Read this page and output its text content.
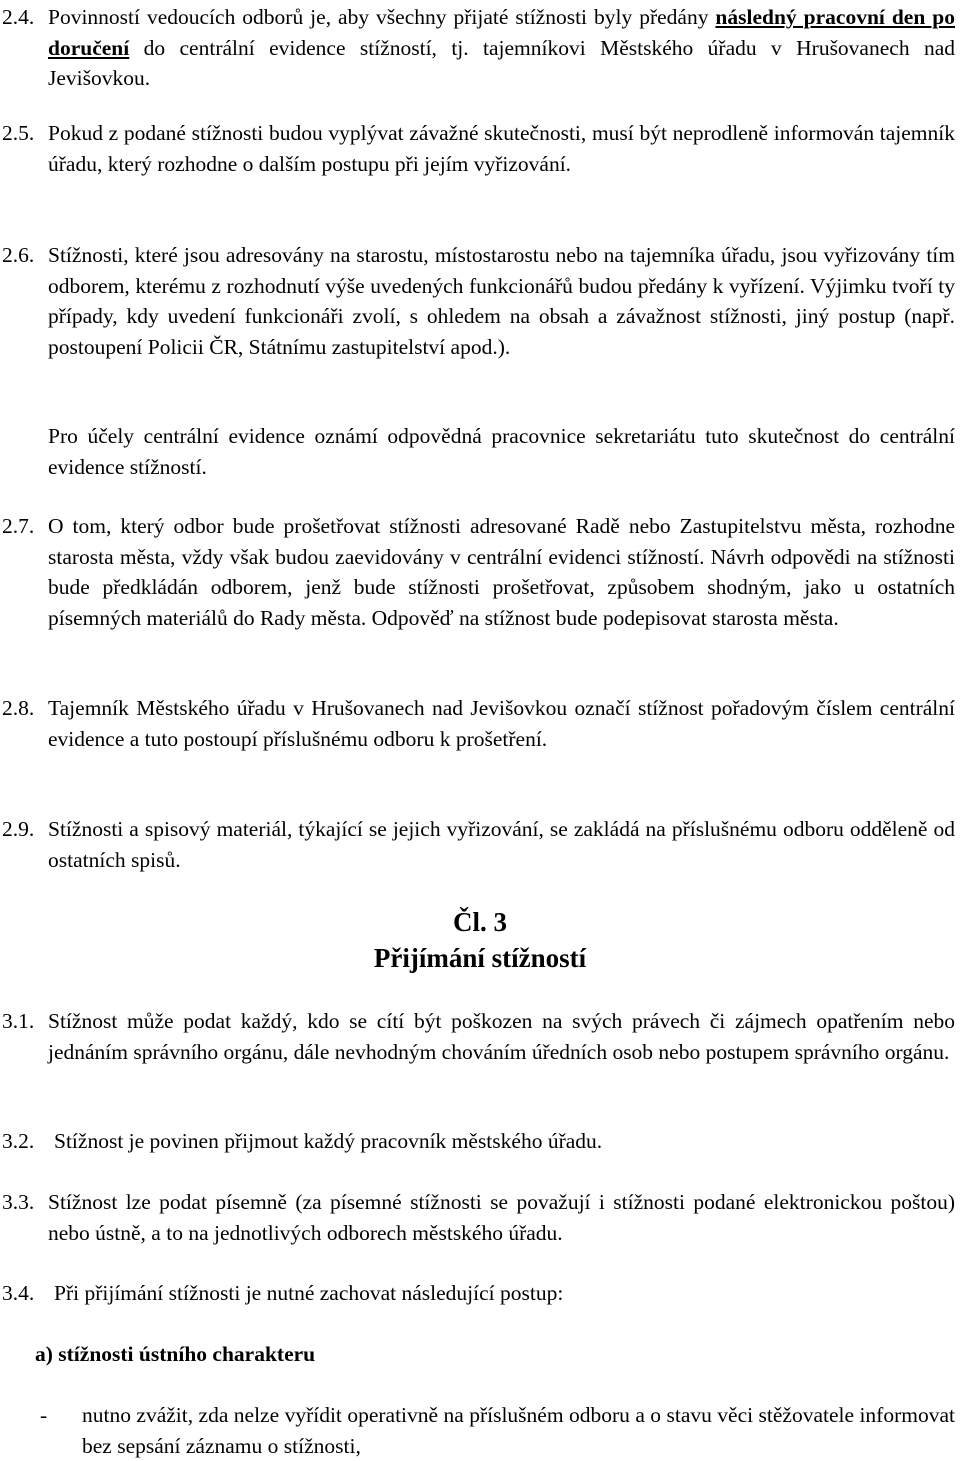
2.4. Povinností vedoucích odborů je, aby všechny přijaté stížnosti byly předány následný pracovní den po doručení do centrální evidence stížností, tj. tajemníkovi Městského úřadu v Hrušovanech nad Jevišovkou.
2.5. Pokud z podané stížnosti budou vyplývat závažné skutečnosti, musí být neprodleně informován tajemník úřadu, který rozhodne o dalším postupu při jejím vyřizování.
2.6. Stížnosti, které jsou adresovány na starostu, místostarostu nebo na tajemníka úřadu, jsou vyřizovány tím odborem, kterému z rozhodnutí výše uvedených funkcionářů budou předány k vyřízení. Výjimku tvoří ty případy, kdy uvedení funkcionáři zvolí, s ohledem na obsah a závažnost stížnosti, jiný postup (např. postoupení Policii ČR, Státnímu zastupitelství apod.).
Pro účely centrální evidence oznámí odpovědná pracovnice sekretariátu tuto skutečnost do centrální evidence stížností.
2.7. O tom, který odbor bude prošetřovat stížnosti adresované Radě nebo Zastupitelstvu města, rozhodne starosta města, vždy však budou zaevidovány v centrální evidenci stížností. Návrh odpovědi na stížnosti bude předkládán odborem, jenž bude stížnosti prošetřovat, způsobem shodným, jako u ostatních písemných materiálů do Rady města. Odpověď na stížnost bude podepisovat starosta města.
2.8. Tajemník Městského úřadu v Hrušovanech nad Jevišovkou označí stížnost pořadovým číslem centrální evidence a tuto postoupí příslušnému odboru k prošetření.
2.9. Stížnosti a spisový materiál, týkající se jejich vyřizování, se zakládá na příslušnému odboru odděleně od ostatních spisů.
Čl. 3
Přijímání stížností
3.1. Stížnost může podat každý, kdo se cítí být poškozen na svých právech či zájmech opatřením nebo jednáním správního orgánu, dále nevhodným chováním úředních osob nebo postupem správního orgánu.
3.2. Stížnost je povinen přijmout každý pracovník městského úřadu.
3.3. Stížnost lze podat písemně (za písemné stížnosti se považují i stížnosti podané elektronickou poštou) nebo ústně, a to na jednotlivých odborech městského úřadu.
3.4. Při přijímání stížnosti je nutné zachovat následující postup:
a) stížnosti ústního charakteru
- nutno zvážit, zda nelze vyřídit operativně na příslušném odboru a o stavu věci stěžovatele informovat bez sepsání záznamu o stížnosti,
